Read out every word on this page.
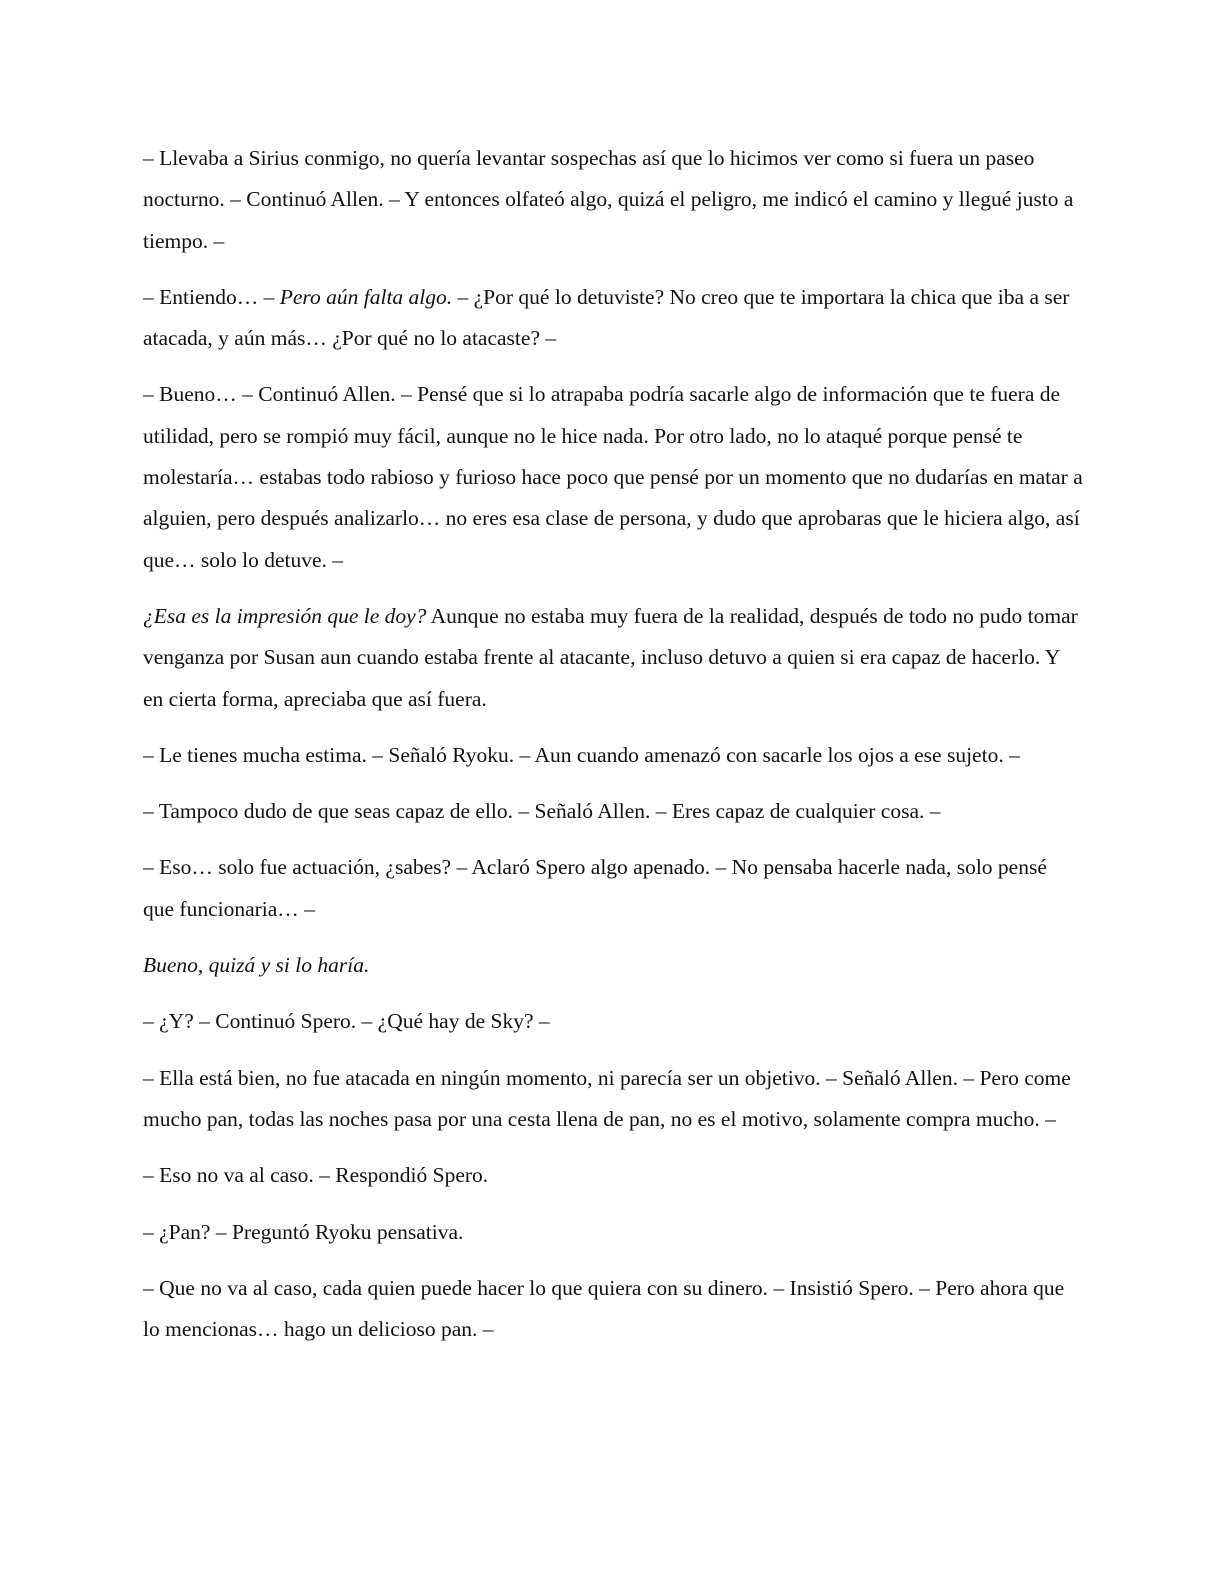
– Llevaba a Sirius conmigo, no quería levantar sospechas así que lo hicimos ver como si fuera un paseo nocturno. – Continuó Allen. – Y entonces olfateó algo, quizá el peligro, me indicó el camino y llegué justo a tiempo. –

– Entiendo… – Pero aún falta algo. – ¿Por qué lo detuviste? No creo que te importara la chica que iba a ser atacada, y aún más… ¿Por qué no lo atacaste? –

– Bueno… – Continuó Allen. – Pensé que si lo atrapaba podría sacarle algo de información que te fuera de utilidad, pero se rompió muy fácil, aunque no le hice nada. Por otro lado, no lo ataqué porque pensé te molestaría… estabas todo rabioso y furioso hace poco que pensé por un momento que no dudarías en matar a alguien, pero después analizarlo… no eres esa clase de persona, y dudo que aprobaras que le hiciera algo, así que… solo lo detuve. –

¿Esa es la impresión que le doy? Aunque no estaba muy fuera de la realidad, después de todo no pudo tomar venganza por Susan aun cuando estaba frente al atacante, incluso detuvo a quien si era capaz de hacerlo. Y en cierta forma, apreciaba que así fuera.

– Le tienes mucha estima. – Señaló Ryoku. – Aun cuando amenazó con sacarle los ojos a ese sujeto. –

– Tampoco dudo de que seas capaz de ello. – Señaló Allen. – Eres capaz de cualquier cosa. –

– Eso… solo fue actuación, ¿sabes? – Aclaró Spero algo apenado. – No pensaba hacerle nada, solo pensé que funcionaria… –

Bueno, quizá y si lo haría.

– ¿Y? – Continuó Spero. – ¿Qué hay de Sky? –

– Ella está bien, no fue atacada en ningún momento, ni parecía ser un objetivo. – Señaló Allen. – Pero come mucho pan, todas las noches pasa por una cesta llena de pan, no es el motivo, solamente compra mucho. –

– Eso no va al caso. – Respondió Spero.

– ¿Pan? – Preguntó Ryoku pensativa.

– Que no va al caso, cada quien puede hacer lo que quiera con su dinero. – Insistió Spero. – Pero ahora que lo mencionas… hago un delicioso pan. –
